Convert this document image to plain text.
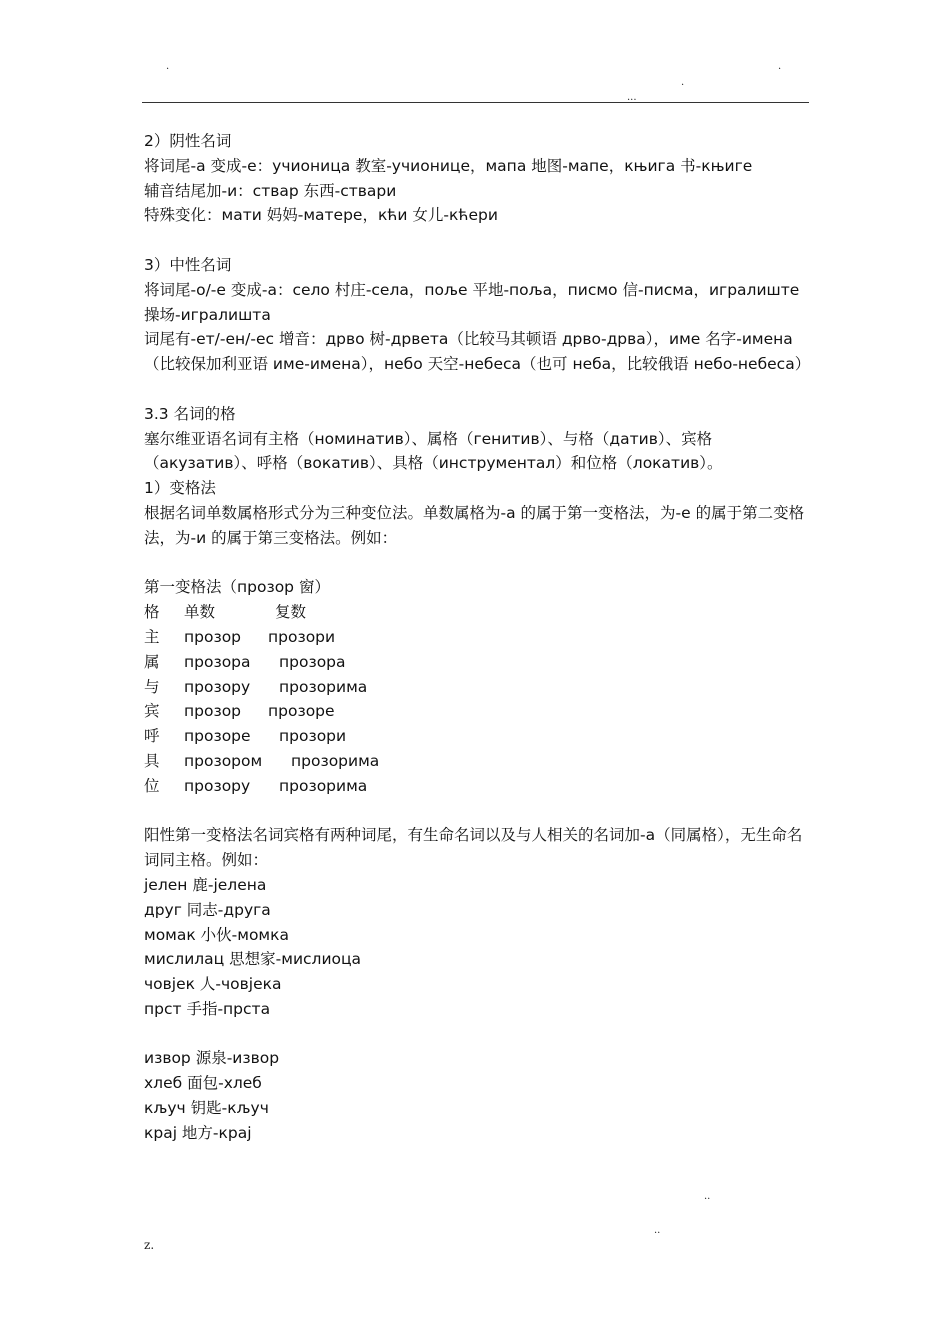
.
.
.
...

2）阴性名词

将词尾-а 变成-е：учионица 教室-учионице，мапа 地图-мапе，књига 书-књиге

辅音结尾加-и：ствар 东西-ствари

特殊变化：мати 妈妈-матере，кћи 女儿-кћери

3）中性名词

将词尾-о/-е 变成-а：село 村庄-села，поље 平地-поља，писмо 信-писма，игралиште 操场-игралишта

词尾有-ет/-ен/-ес 增音：дрво 树-дрвета（比较马其顿语 дрво-дрва），име 名字-имена（比较保加利亚语 име-имена），небо 天空-небеса（也可 неба，比较俄语 небо-небеса）

3.3 名词的格

塞尔维亚语名词有主格（номинатив）、属格（генитив）、与格（датив）、宾格（акузатив）、呼格（вокатив）、具格（инструментал）和位格（локатив）。

1）变格法

根据名词单数属格形式分为三种变位法。单数属格为-а 的属于第一变格法，为-е 的属于第二变格法，为-и 的属于第三变格法。例如：

第一变格法（прозор 窗）

格	单数	复数
主	прозор	прозори
属	прозора	прозора
与	прозору	прозорима
宾	прозор	прозоре
呼	прозоре	прозори
具	прозором	прозорима
位	прозору	прозорима

阳性第一变格法名词宾格有两种词尾，有生命名词以及与人相关的名词加-а（同属格），无生命名词同主格。例如：

јелен 鹿-јелена

друг 同志-друга

момак 小伙-момка

мислилац 思想家-мислиоца

човјек 人-човјека

прст 手指-прста

извор 源泉-извор

хлеб 面包-хлеб

кључ 钥匙-кључ

крај 地方-крај

..
..
z.
